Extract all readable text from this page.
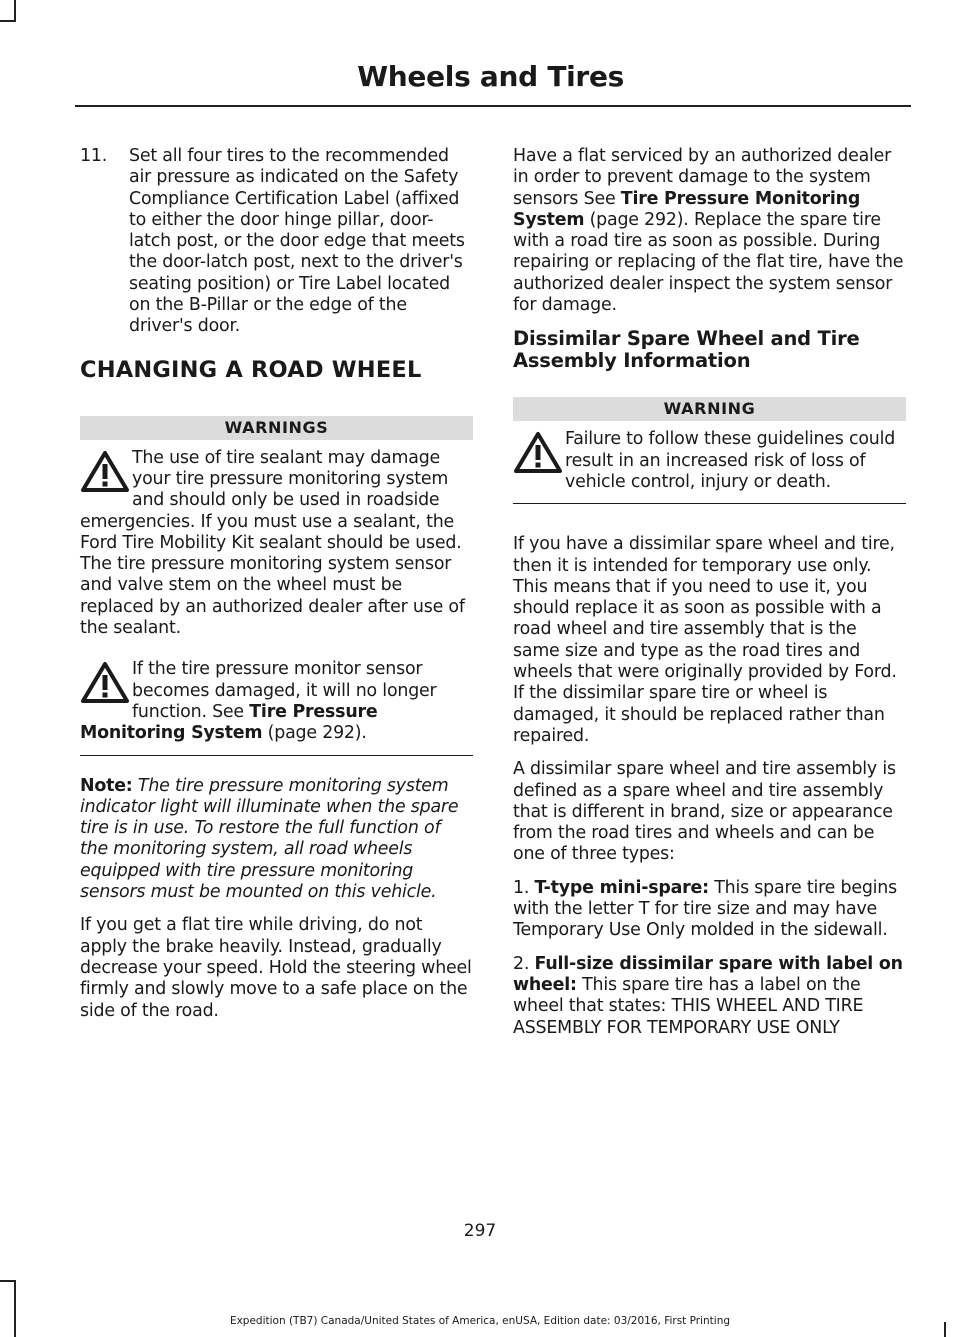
Wheels and Tires
11.	Set all four tires to the recommended air pressure as indicated on the Safety Compliance Certification Label (affixed to either the door hinge pillar, door-latch post, or the door edge that meets the door-latch post, next to the driver's seating position) or Tire Label located on the B-Pillar or the edge of the driver's door.
CHANGING A ROAD WHEEL
WARNINGS

The use of tire sealant may damage your tire pressure monitoring system and should only be used in roadside emergencies. If you must use a sealant, the Ford Tire Mobility Kit sealant should be used. The tire pressure monitoring system sensor and valve stem on the wheel must be replaced by an authorized dealer after use of the sealant.

If the tire pressure monitor sensor becomes damaged, it will no longer function. See Tire Pressure Monitoring System (page 292).

Note: The tire pressure monitoring system indicator light will illuminate when the spare tire is in use. To restore the full function of the monitoring system, all road wheels equipped with tire pressure monitoring sensors must be mounted on this vehicle.

If you get a flat tire while driving, do not apply the brake heavily. Instead, gradually decrease your speed. Hold the steering wheel firmly and slowly move to a safe place on the side of the road.

Have a flat serviced by an authorized dealer in order to prevent damage to the system sensors See Tire Pressure Monitoring System (page 292). Replace the spare tire with a road tire as soon as possible. During repairing or replacing of the flat tire, have the authorized dealer inspect the system sensor for damage.

Dissimilar Spare Wheel and Tire Assembly Information
WARNING

Failure to follow these guidelines could result in an increased risk of loss of vehicle control, injury or death.

If you have a dissimilar spare wheel and tire, then it is intended for temporary use only. This means that if you need to use it, you should replace it as soon as possible with a road wheel and tire assembly that is the same size and type as the road tires and wheels that were originally provided by Ford. If the dissimilar spare tire or wheel is damaged, it should be replaced rather than repaired.

A dissimilar spare wheel and tire assembly is defined as a spare wheel and tire assembly that is different in brand, size or appearance from the road tires and wheels and can be one of three types:

1. T-type mini-spare: This spare tire begins with the letter T for tire size and may have Temporary Use Only molded in the sidewall.

2. Full-size dissimilar spare with label on wheel: This spare tire has a label on the wheel that states: THIS WHEEL AND TIRE ASSEMBLY FOR TEMPORARY USE ONLY

297
Expedition (TB7) Canada/United States of America, enUSA, Edition date: 03/2016, First Printing
